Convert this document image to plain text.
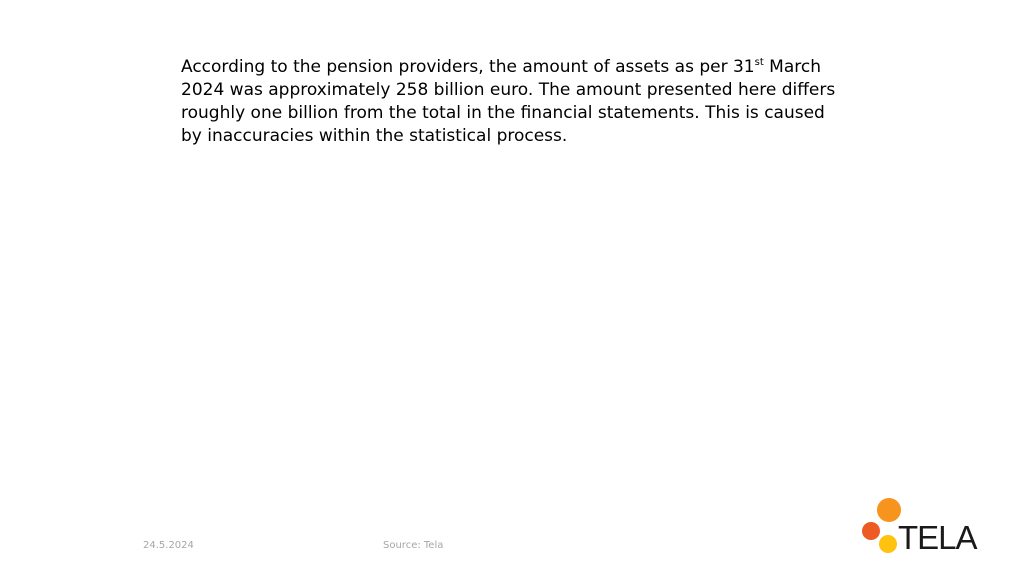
According to the pension providers, the amount of assets as per 31st March 2024 was approximately 258 billion euro. The amount presented here differs roughly one billion from the total in the financial statements. This is caused by inaccuracies within the statistical process.

24.5.2024	Source: Tela	TELA
